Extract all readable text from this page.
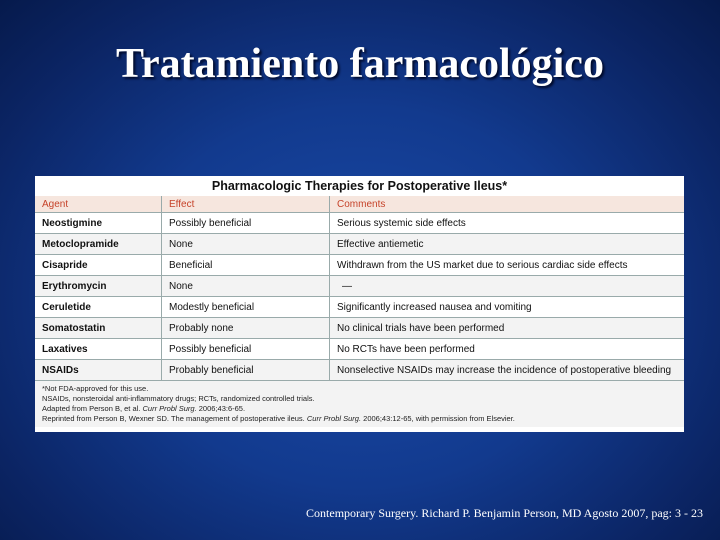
Tratamiento farmacológico
Pharmacologic Therapies for Postoperative Ileus*
Agent	Effect	Comments
Neostigmine	Possibly beneficial	Serious systemic side effects
Metoclopramide	None	Effective antiemetic
Cisapride	Beneficial	Withdrawn from the US market due to serious cardiac side effects
Erythromycin	None	—
Ceruletide	Modestly beneficial	Significantly increased nausea and vomiting
Somatostatin	Probably none	No clinical trials have been performed
Laxatives	Possibly beneficial	No RCTs have been performed
NSAIDs	Probably beneficial	Nonselective NSAIDs may increase the incidence of postoperative bleeding
*Not FDA-approved for this use.
NSAIDs, nonsteroidal anti-inflammatory drugs; RCTs, randomized controlled trials.
Adapted from Person B, et al. Curr Probl Surg. 2006;43:6-65.
Reprinted from Person B, Wexner SD. The management of postoperative ileus. Curr Probl Surg. 2006;43:12-65, with permission from Elsevier.
Contemporary Surgery. Richard P. Benjamin Person, MD Agosto 2007, pag: 3 - 23
